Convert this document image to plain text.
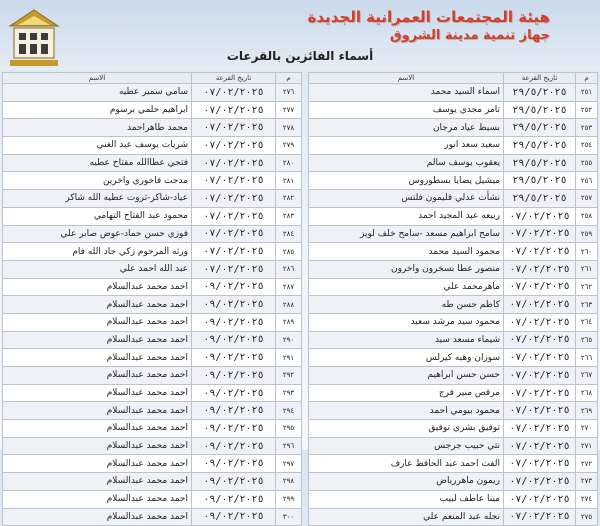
هيئة المجتمعات العمرانية الجديدة
جهاز تنمية مدينة الشروق
أسماء الفائزين بالقرعات
م	تاريخ القرعة	الاسم
٢٥١	٢٩/٥/٢٠٢٥	اسماء السيد محمد
٢٥٢	٢٩/٥/٢٠٢٥	تامر مجدي يوسف
٢٥٣	٢٩/٥/٢٠٢٥	بسيط عياد مرجان
٢٥٤	٢٩/٥/٢٠٢٥	سعيد سعد انور
٢٥٥	٢٩/٥/٢٠٢٥	يعقوب يوسف سالم
٢٥٦	٢٩/٥/٢٠٢٥	ميشيل يضايا بسطوروس
٢٥٧	٢٩/٥/٢٠٢٥	نشأت عدلي قليمون فلتس
٢٥٨	٠٧/٠٢/٢٠٢٥	ربيعه عبد المجيد احمد
٢٥٩	٠٧/٠٢/٢٠٢٥	سامح ابراهيم مسعد -سامح خلف لويز
٢٦٠	٠٧/٠٢/٢٠٢٥	محمود السيد محمد
٢٦١	٠٧/٠٢/٢٠٢٥	منصور عطا بسخرون واخرون
٢٦٢	٠٧/٠٢/٢٠٢٥	ماهرمحمد علي
٢٦٣	٠٧/٠٢/٢٠٢٥	كاظم حسن طه
٢٦٤	٠٧/٠٢/٢٠٢٥	محمود سيد مرشد سعيد
٢٦٥	٠٧/٠٢/٢٠٢٥	شيماء مسعد سيد
٢٦٦	٠٧/٠٢/٢٠٢٥	سوزان وهبه كيرلس
٢٦٧	٠٧/٠٢/٢٠٢٥	حسن حسن ابراهيم
٢٦٨	٠٧/٠٢/٢٠٢٥	مرقص منير فرج
٢٦٩	٠٧/٠٢/٢٠٢٥	محمود بيومي احمد
٢٧٠	٠٧/٠٢/٢٠٢٥	توفيق بشري توفيق
٢٧١	٠٧/٠٢/٢٠٢٥	نتي حبيب جرجس
٢٧٢	٠٧/٠٢/٢٠٢٥	الفت احمد عبد الحافظ عارف
٢٧٣	٠٧/٠٢/٢٠٢٥	ريمون ماهررياض
٢٧٤	٠٧/٠٢/٢٠٢٥	مينا عاطف لبيب
٢٧٥	٠٧/٠٢/٢٠٢٥	نجله عبد المنعم علي
م	تاريخ القرعة	الاسم
٢٧٦	٠٧/٠٢/٢٠٢٥	سامي سمير عطيه
٢٧٧	٠٧/٠٢/٢٠٢٥	ابراهيم حلمي برسوم
٢٧٨	٠٧/٠٢/٢٠٢٥	محمد طاهراحمد
٢٧٩	٠٧/٠٢/٢٠٢٥	شريات يوسف عبد الغني
٢٨٠	٠٧/٠٢/٢٠٢٥	فتحي عطاالله مفتاح عطيه
٢٨١	٠٧/٠٢/٢٠٢٥	مدحت فاخوري واخرين
٢٨٢	٠٧/٠٢/٢٠٢٥	عياد-شاكر-ثروت عطيه الله شاكر
٢٨٣	٠٧/٠٢/٢٠٢٥	محمود عبد الفتاح التهامي
٢٨٤	٠٧/٠٢/٢٠٢٥	فوزي حسن حماد-عوض صابر علي
٢٨٥	٠٧/٠٢/٢٠٢٥	ورثه المرحوم زكي جاد الله فام
٢٨٦	٠٧/٠٢/٢٠٢٥	عبد الله احمد علي
٢٨٧	٠٩/٠٢/٢٠٢٥	احمد محمد عبدالسلام
٢٨٨	٠٩/٠٢/٢٠٢٥	احمد محمد عبدالسلام
٢٨٩	٠٩/٠٢/٢٠٢٥	احمد محمد عبدالسلام
٢٩٠	٠٩/٠٢/٢٠٢٥	احمد محمد عبدالسلام
٢٩١	٠٩/٠٢/٢٠٢٥	احمد محمد عبدالسلام
٢٩٢	٠٩/٠٢/٢٠٢٥	احمد محمد عبدالسلام
٢٩٣	٠٩/٠٢/٢٠٢٥	احمد محمد عبدالسلام
٢٩٤	٠٩/٠٢/٢٠٢٥	احمد محمد عبدالسلام
٢٩٥	٠٩/٠٢/٢٠٢٥	احمد محمد عبدالسلام
٢٩٦	٠٩/٠٢/٢٠٢٥	احمد محمد عبدالسلام
٢٩٧	٠٩/٠٢/٢٠٢٥	احمد محمد عبدالسلام
٢٩٨	٠٩/٠٢/٢٠٢٥	احمد محمد عبدالسلام
٢٩٩	٠٩/٠٢/٢٠٢٥	احمد محمد عبدالسلام
٣٠٠	٠٩/٠٢/٢٠٢٥	احمد محمد عبدالسلام
